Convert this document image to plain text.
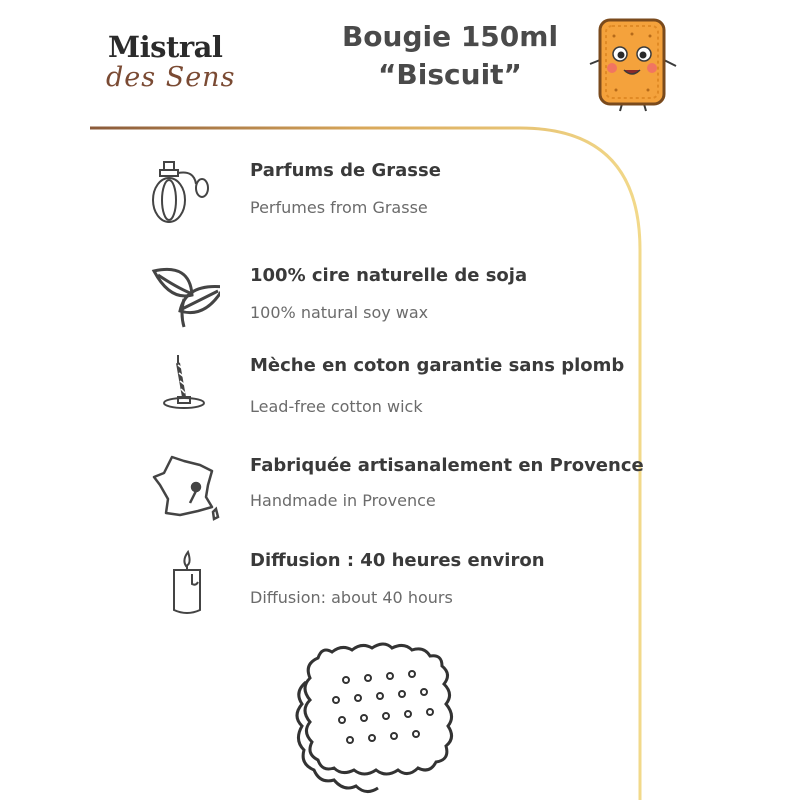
Mistral
des Sens
Bougie 150ml
“Biscuit”
Parfums de Grasse
Perfumes from Grasse
100% cire naturelle de soja
100% natural soy wax
Mèche en coton garantie sans plomb
Lead-free cotton wick
Fabriquée artisanalement en Provence
Handmade in Provence
Diffusion : 40 heures environ
Diffusion: about 40 hours
